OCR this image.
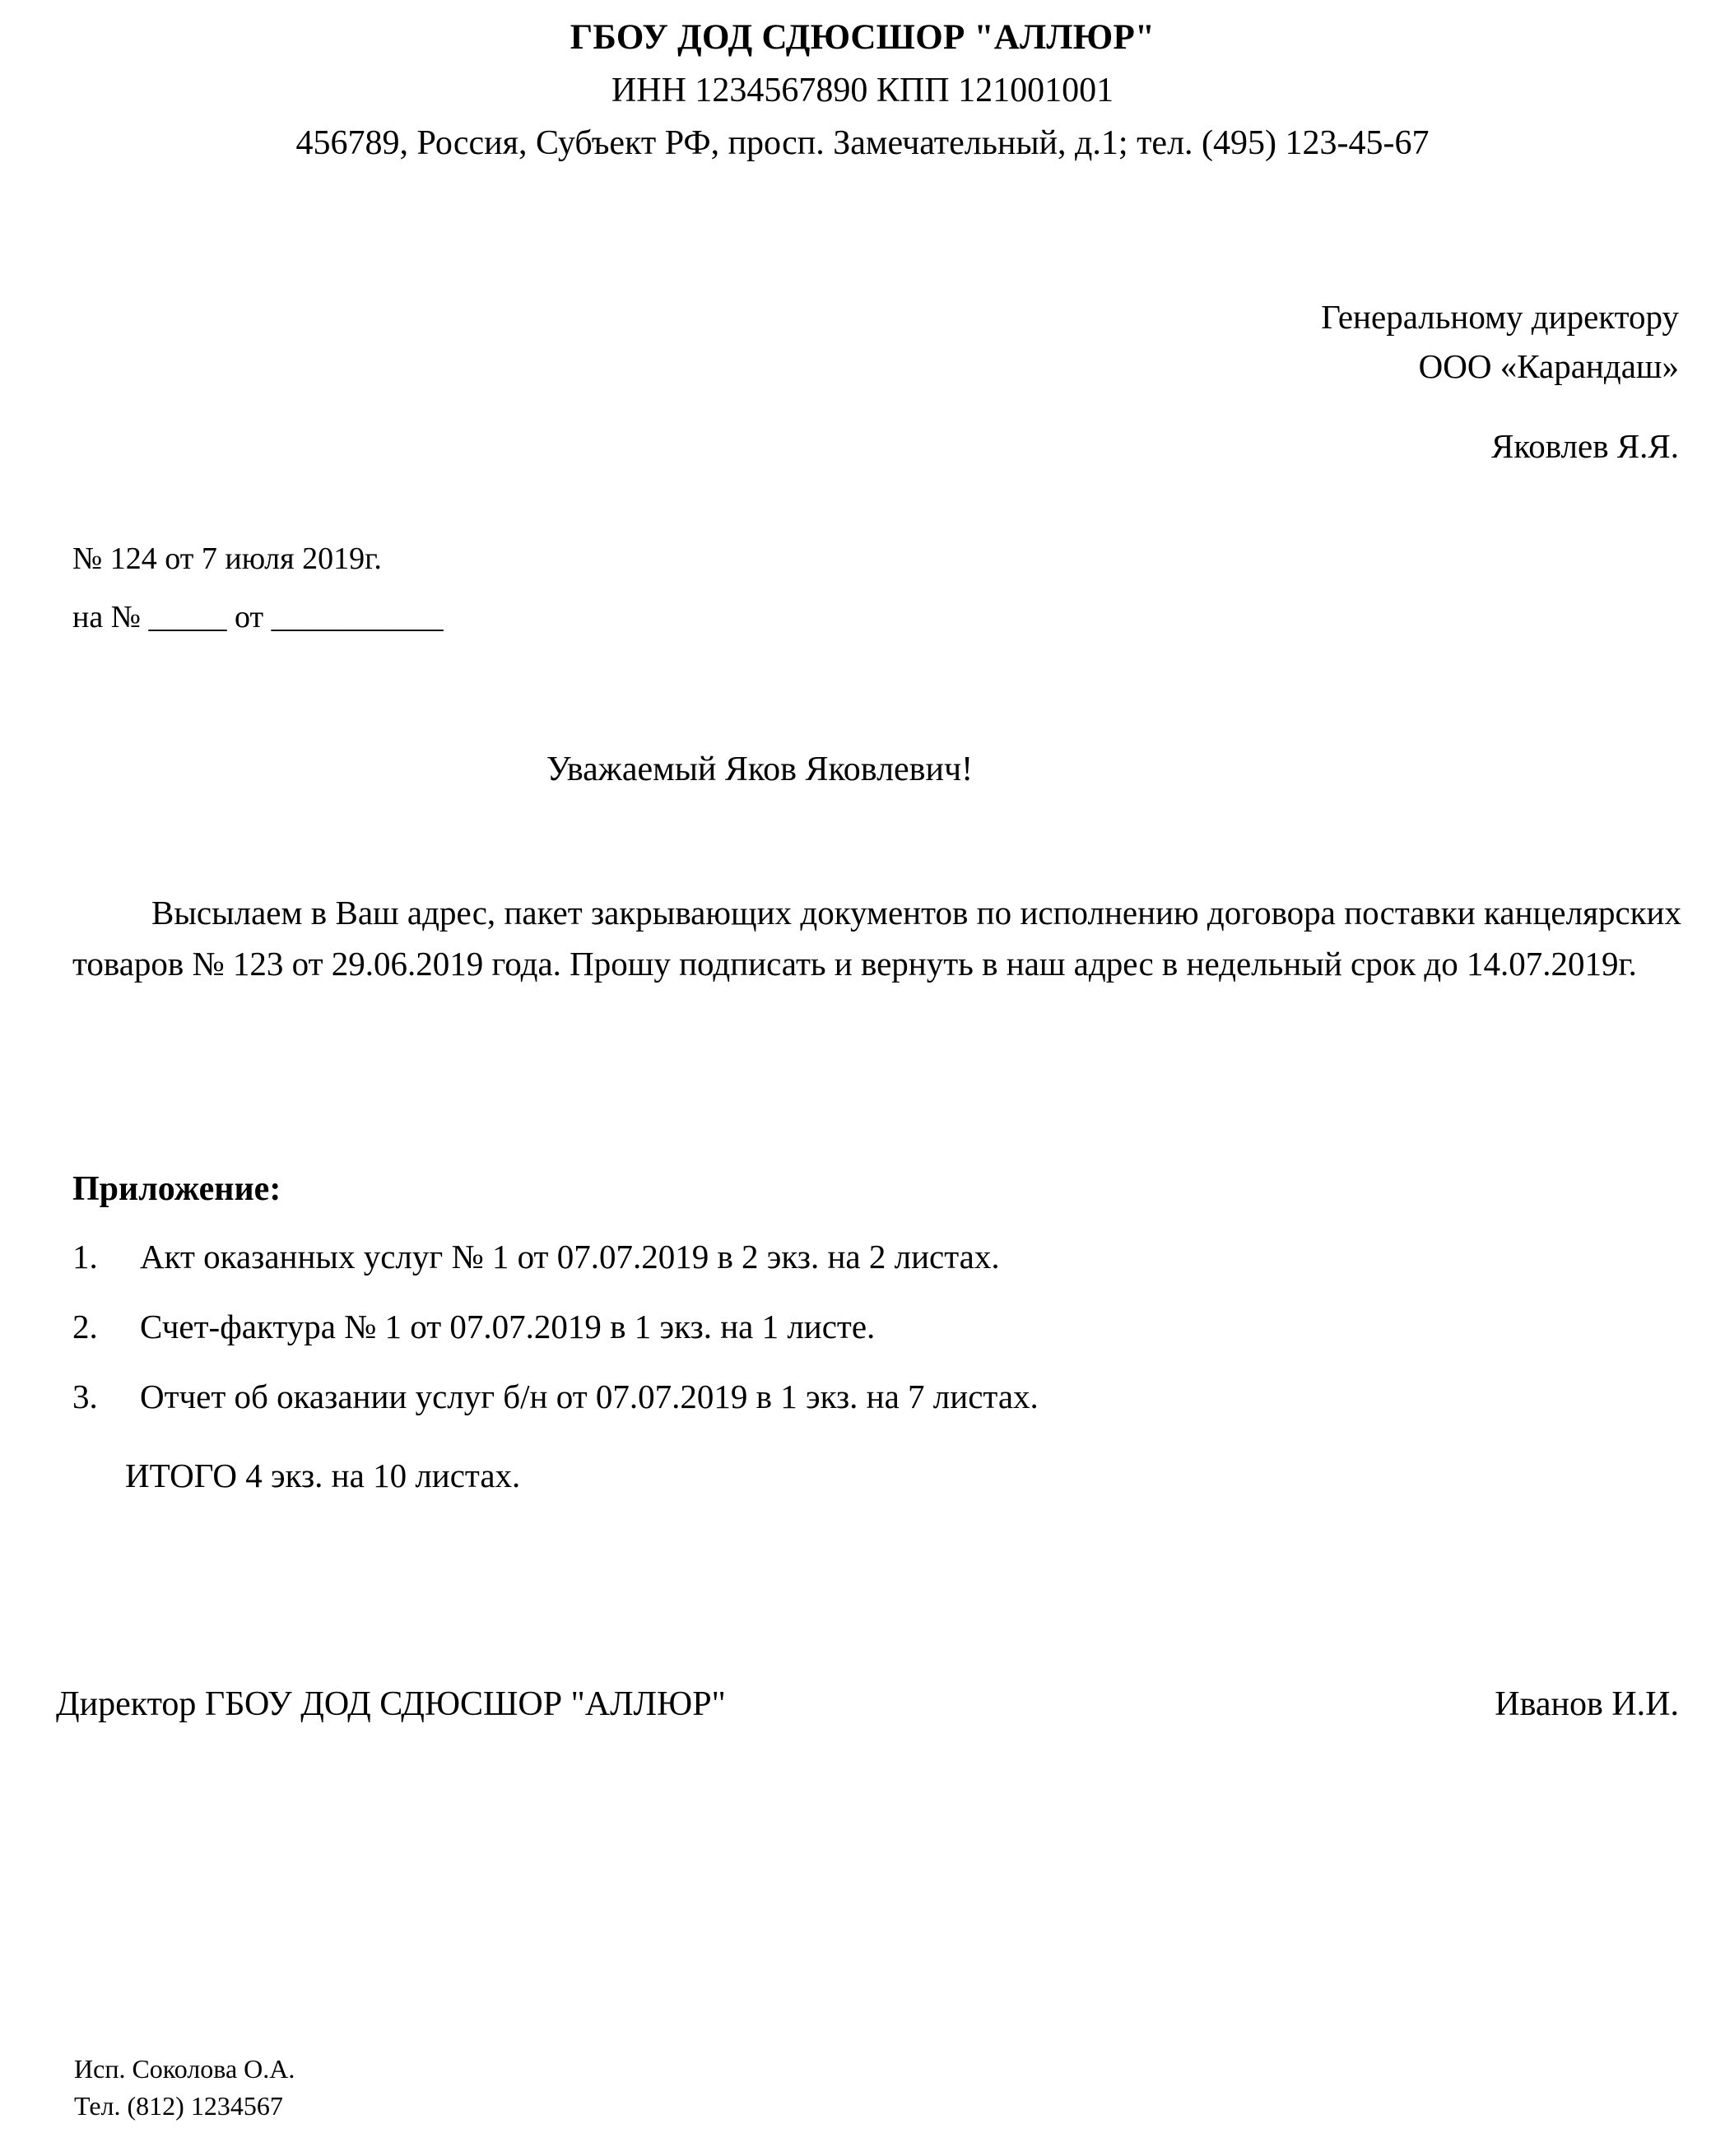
ГБОУ ДОД СДЮСШОР "АЛЛЮР"
ИНН 1234567890 КПП 121001001
456789, Россия, Субъект РФ, просп. Замечательный, д.1; тел. (495) 123-45-67
Генеральному директору
ООО «Карандаш»
Яковлев Я.Я.
№ 124 от 7 июля 2019г.
на № _____ от ___________
Уважаемый Яков Яковлевич!
Высылаем в Ваш адрес, пакет закрывающих документов по исполнению договора поставки канцелярских товаров № 123 от 29.06.2019 года. Прошу подписать и вернуть в наш адрес в недельный срок до 14.07.2019г.
Приложение:
1.	Акт оказанных услуг № 1 от 07.07.2019 в 2 экз. на 2 листах.
2.	Счет-фактура № 1 от 07.07.2019 в 1 экз. на 1 листе.
3.	Отчет об оказании услуг б/н от 07.07.2019 в 1 экз. на 7 листах.
ИТОГО 4 экз. на 10 листах.
Директор ГБОУ ДОД СДЮСШОР "АЛЛЮР"	Иванов И.И.
Исп. Соколова О.А.
Тел. (812) 1234567
